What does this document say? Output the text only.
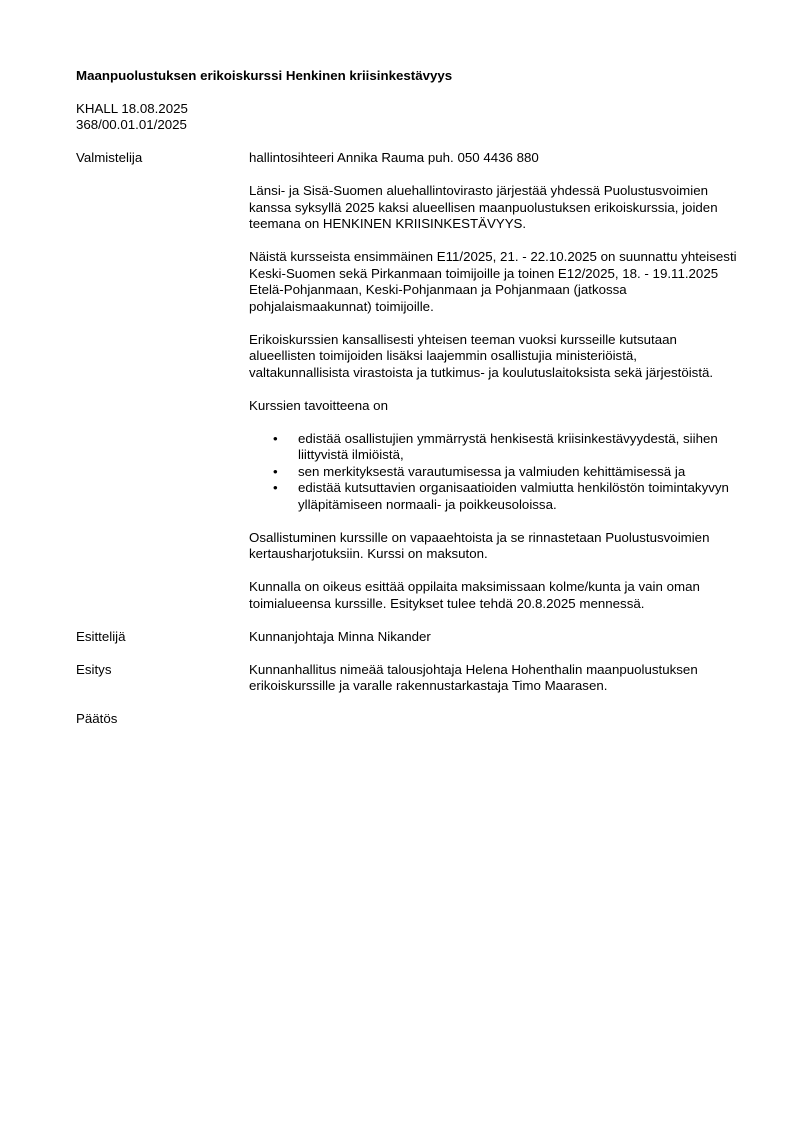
Maanpuolustuksen erikoiskurssi Henkinen kriisinkestävyys
KHALL 18.08.2025
368/00.01.01/2025
Valmistelija	hallintosihteeri Annika Rauma puh. 050 4436 880

Länsi- ja Sisä-Suomen aluehallintovirasto järjestää yhdessä Puolustusvoimien kanssa syksyllä 2025 kaksi alueellisen maanpuolustuksen erikoiskurssia, joiden teemana on HENKINEN KRIISINKESTÄVYYS.

Näistä kursseista ensimmäinen E11/2025, 21. - 22.10.2025 on suunnattu yhteisesti Keski-Suomen sekä Pirkanmaan toimijoille ja toinen E12/2025, 18. - 19.11.2025 Etelä-Pohjanmaan, Keski-Pohjanmaan ja Pohjanmaan (jatkossa pohjalaismaakunnat) toimijoille.

Erikoiskurssien kansallisesti yhteisen teeman vuoksi kursseille kutsutaan alueellisten toimijoiden lisäksi laajemmin osallistujia ministeriöistä, valtakunnallisista virastoista ja tutkimus- ja koulutuslaitoksista sekä järjestöistä.

Kurssien tavoitteena on

• edistää osallistujien ymmärrystä henkisestä kriisinkestävyydestä, siihen liittyvistä ilmiöistä,
• sen merkityksestä varautumisessa ja valmiuden kehittämisessä ja
• edistää kutsuttavien organisaatioiden valmiutta henkilöstön toimintakyvyn ylläpitämiseen normaali- ja poikkeusoloissa.

Osallistuminen kurssille on vapaaehtoista ja se rinnastetaan Puolustusvoimien kertausharjotuksiin. Kurssi on maksuton.

Kunnalla on oikeus esittää oppilaita maksimissaan kolme/kunta ja vain oman toimialueensa kurssille. Esitykset tulee tehdä 20.8.2025 mennessä.

Esittelijä	Kunnanjohtaja Minna Nikander

Esitys	Kunnanhallitus nimeää talousjohtaja Helena Hohenthalin maanpuolustuksen erikoiskurssille ja varalle rakennustarkastaja Timo Maarasen.

Päätös
